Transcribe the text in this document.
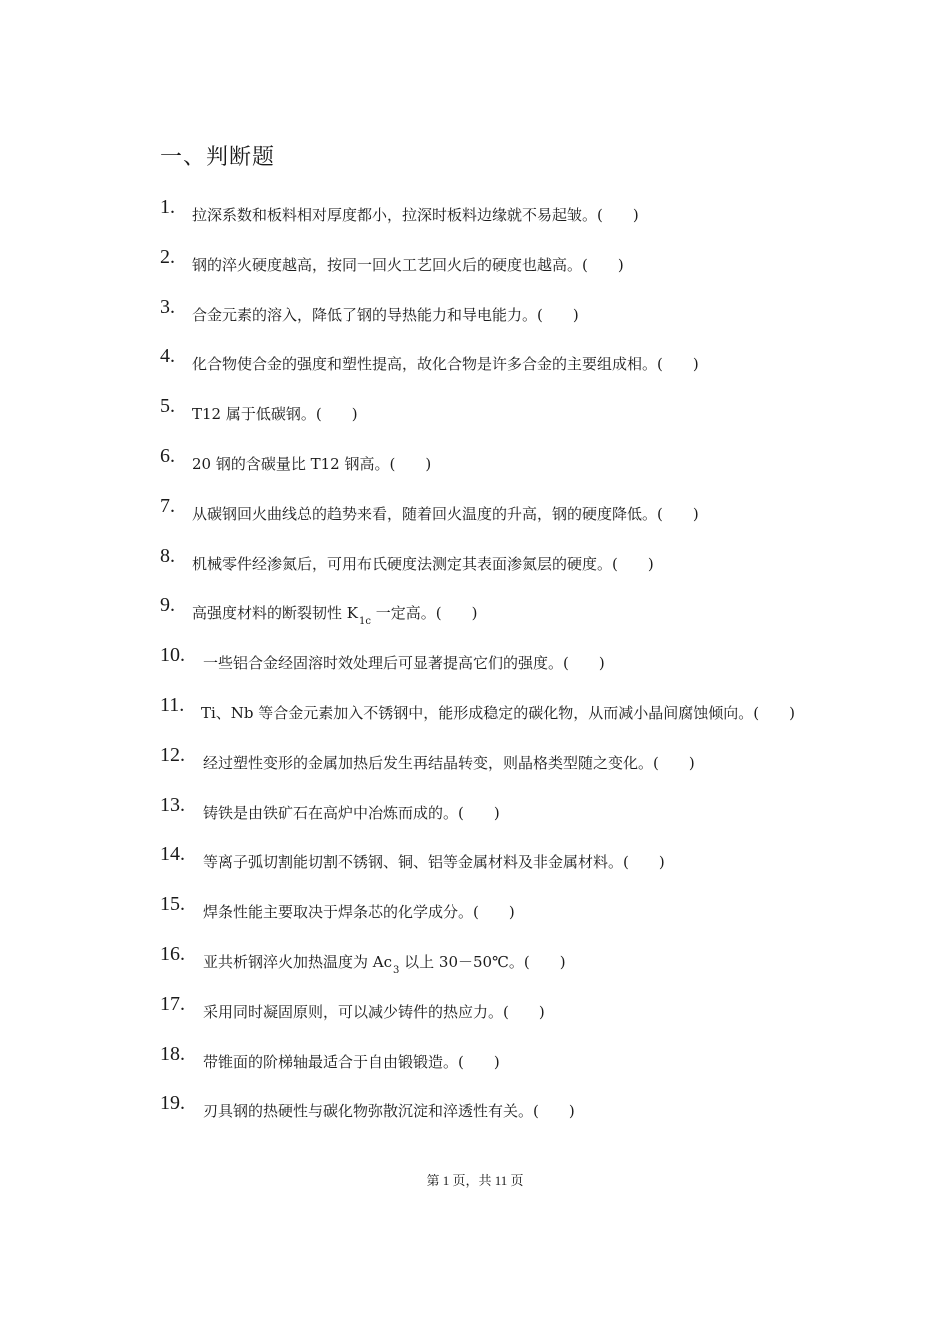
一、判断题
1. 拉深系数和板料相对厚度都小，拉深时板料边缘就不易起皱。(　　)
2. 钢的淬火硬度越高，按同一回火工艺回火后的硬度也越高。(　　)
3. 合金元素的溶入，降低了钢的导热能力和导电能力。(　　)
4. 化合物使合金的强度和塑性提高，故化合物是许多合金的主要组成相。(　　)
5. T12 属于低碳钢。(　　)
6. 20 钢的含碳量比 T12 钢高。(　　)
7. 从碳钢回火曲线总的趋势来看，随着回火温度的升高，钢的硬度降低。(　　)
8. 机械零件经渗氮后，可用布氏硬度法测定其表面渗氮层的硬度。(　　)
9. 高强度材料的断裂韧性 $K_{1c}$ 一定高。(　　)
10. 一些铝合金经固溶时效处理后可显著提高它们的强度。(　　)
11. Ti、Nb 等合金元素加入不锈钢中，能形成稳定的碳化物，从而减小晶间腐蚀倾向。(　　)
12. 经过塑性变形的金属加热后发生再结晶转变，则晶格类型随之变化。(　　)
13. 铸铁是由铁矿石在高炉中冶炼而成的。(　　)
14. 等离子弧切割能切割不锈钢、铜、铝等金属材料及非金属材料。(　　)
15. 焊条性能主要取决于焊条芯的化学成分。(　　)
16. 亚共析钢淬火加热温度为 $Ac_3$ 以上 30－50℃。(　　)
17. 采用同时凝固原则，可以减少铸件的热应力。(　　)
18. 带锥面的阶梯轴最适合于自由锻锻造。(　　)
19. 刃具钢的热硬性与碳化物弥散沉淀和淬透性有关。(　　)
第 1 页，共 11 页
